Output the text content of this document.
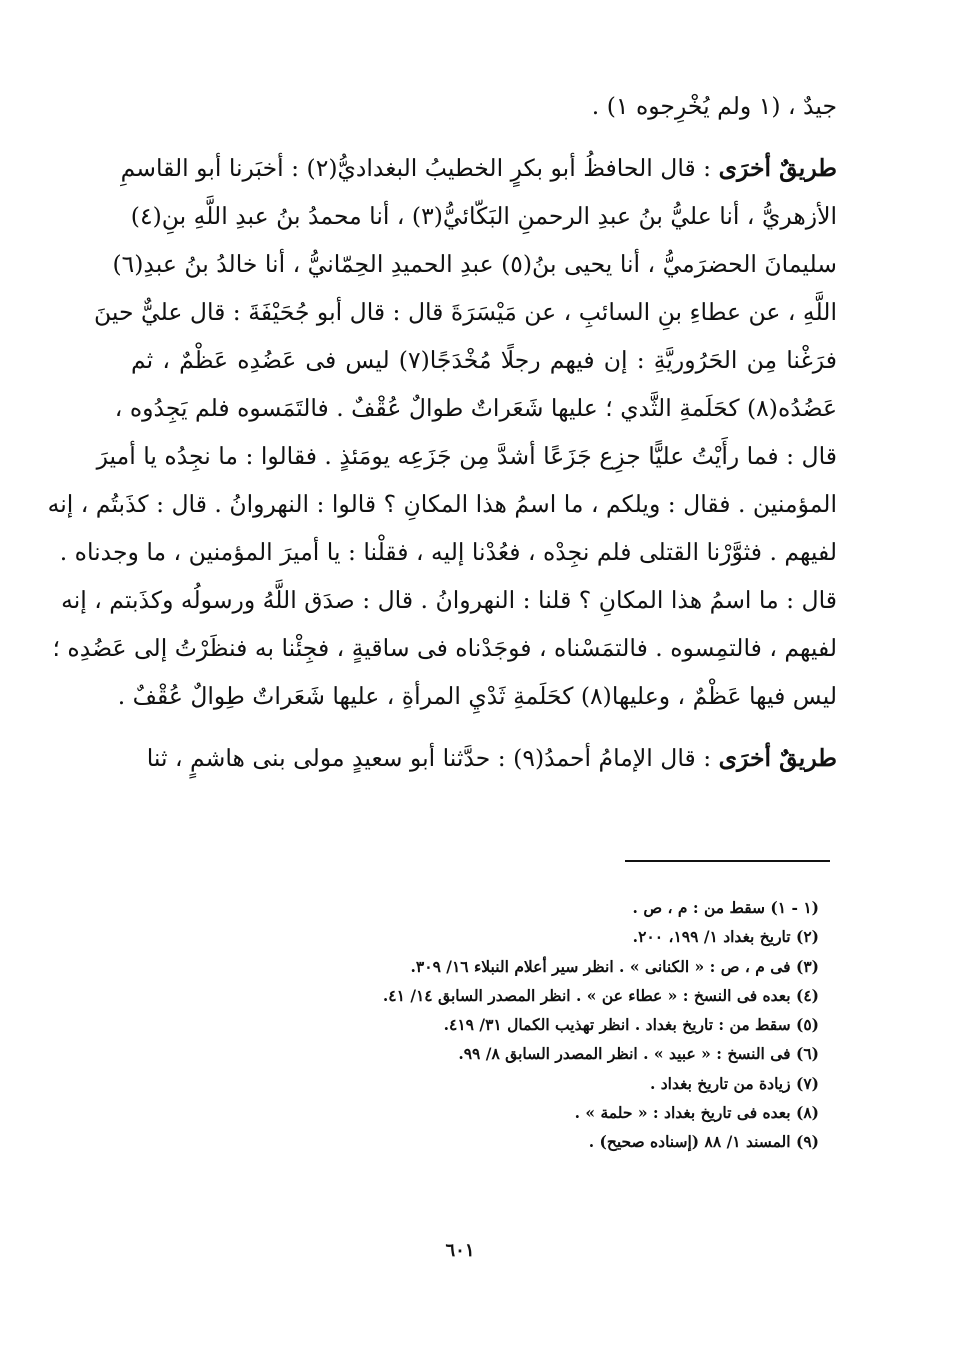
جيدٌ ، (١ ولم يُخْرِجوه ١) .
طريقٌ أخرَى : قال الحافظُ أبو بكرٍ الخطيبُ البغداديُّ(٢) : أخبَرنا أبو القاسمِ
الأزهريُّ ، أنا عليُّ بنُ عبدِ الرحمنِ البَكّائيُّ(٣) ، أنا محمدُ بنُ عبدِ اللَّهِ بنِ(٤)
سليمانَ الحضرَميُّ ، أنا يحيى بنُ(٥) عبدِ الحميدِ الحِمّانيُّ ، أنا خالدُ بنُ عبدِ(٦)
اللَّهِ ، عن عطاءِ بنِ السائبِ ، عن مَيْسَرَةَ قال : قال أبو جُحَيْفَةَ : قال عليٌّ حينَ
فرَغْنا مِن الحَرُوريَّةِ : إن فيهم رجلًا مُخْدَجًا(٧) ليس فى عَضُدِه عَظْمٌ ، ثم
عَضُدُه(٨) كحَلَمةِ الثَّدي ؛ عليها شَعَراتٌ طوالٌ عُقْفٌ . فالتَمَسوه فلم يَجِدُوه ،
قال : فما رأَيْتُ عليًّا جزِع جَزَعًا أشدَّ مِن جَزَعِه يومَئذٍ . فقالوا : ما نجِدُه يا أميرَ
المؤمنين . فقال : ويلكم ، ما اسمُ هذا المكانِ ؟ قالوا : النهروانُ . قال : كذَبتُم ، إنه
لفيهم . فثوَّرْنا القتلى فلم نجِدْه ، فعُدْنا إليه ، فقلْنا : يا أميرَ المؤمنين ، ما وجدناه .
قال : ما اسمُ هذا المكانِ ؟ قلنا : النهروانُ . قال : صدَق اللَّهُ ورسولُه وكذَبتم ، إنه
لفيهم ، فالتمِسوه . فالتمَسْناه ، فوجَدْناه فى ساقيةٍ ، فجِئْنا به فنظَرْتُ إلى عَضُدِه ؛
ليس فيها عَظْمٌ ، وعليها(٨) كحَلَمةِ ثَدْيِ المرأةِ ، عليها شَعَراتٌ طِوالٌ عُقْفٌ .
طريقٌ أخرَى : قال الإمامُ أحمدُ(٩) : حدَّثنا أبو سعيدٍ مولى بنى هاشمٍ ، ثنا
(١ - ١) سقط من : م ، ص .
(٢) تاريخ بغداد ١/ ١٩٩، ٢٠٠.
(٣) فى م ، ص : « الكنانى » . انظر سير أعلام النبلاء ١٦/ ٣٠٩.
(٤) بعده فى النسخ : « عطاء عن » . انظر المصدر السابق ١٤/ ٤١.
(٥) سقط من : تاريخ بغداد . انظر تهذيب الكمال ٣١/ ٤١٩.
(٦) فى النسخ : « عبيد » . انظر المصدر السابق ٨/ ٩٩.
(٧) زيادة من تاريخ بغداد .
(٨) بعده فى تاريخ بغداد : « حلمة » .
(٩) المسند ١/ ٨٨ (إسناده صحيح) .
٦٠١
